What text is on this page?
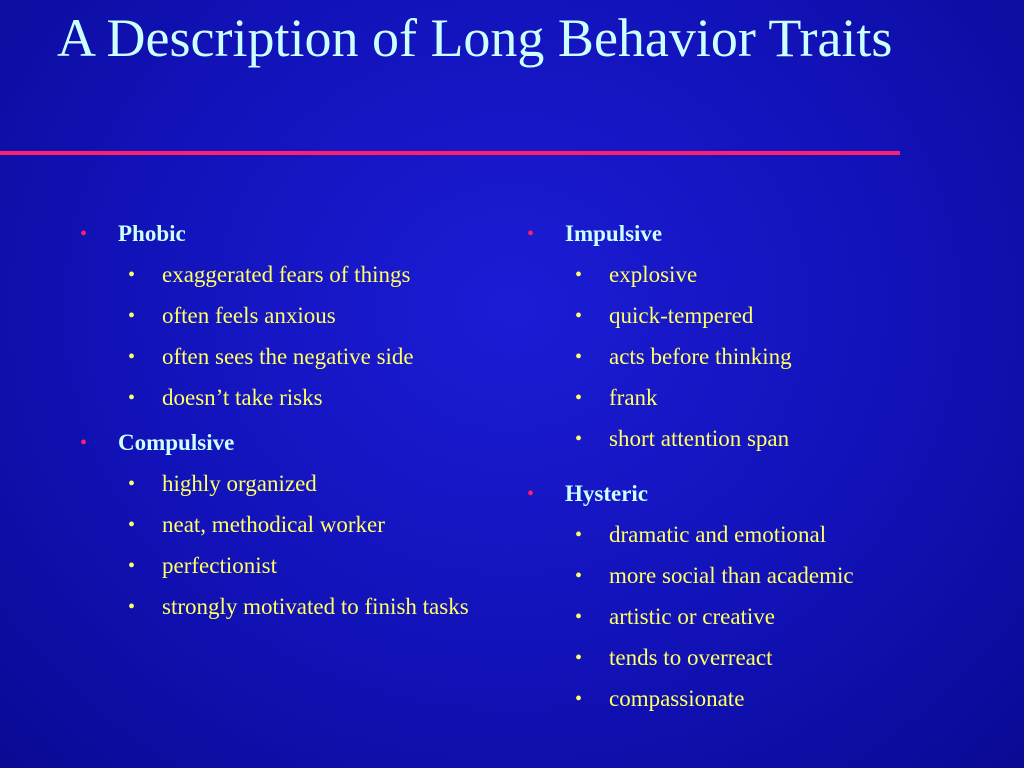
A Description of Long Behavior Traits
• Phobic
• exaggerated fears of things
• often feels anxious
• often sees the negative side
• doesn’t take risks
• Compulsive
• highly organized
• neat, methodical worker
• perfectionist
• strongly motivated to finish tasks
• Impulsive
• explosive
• quick-tempered
• acts before thinking
• frank
• short attention span
• Hysteric
• dramatic and emotional
• more social than academic
• artistic or creative
• tends to overreact
• compassionate
